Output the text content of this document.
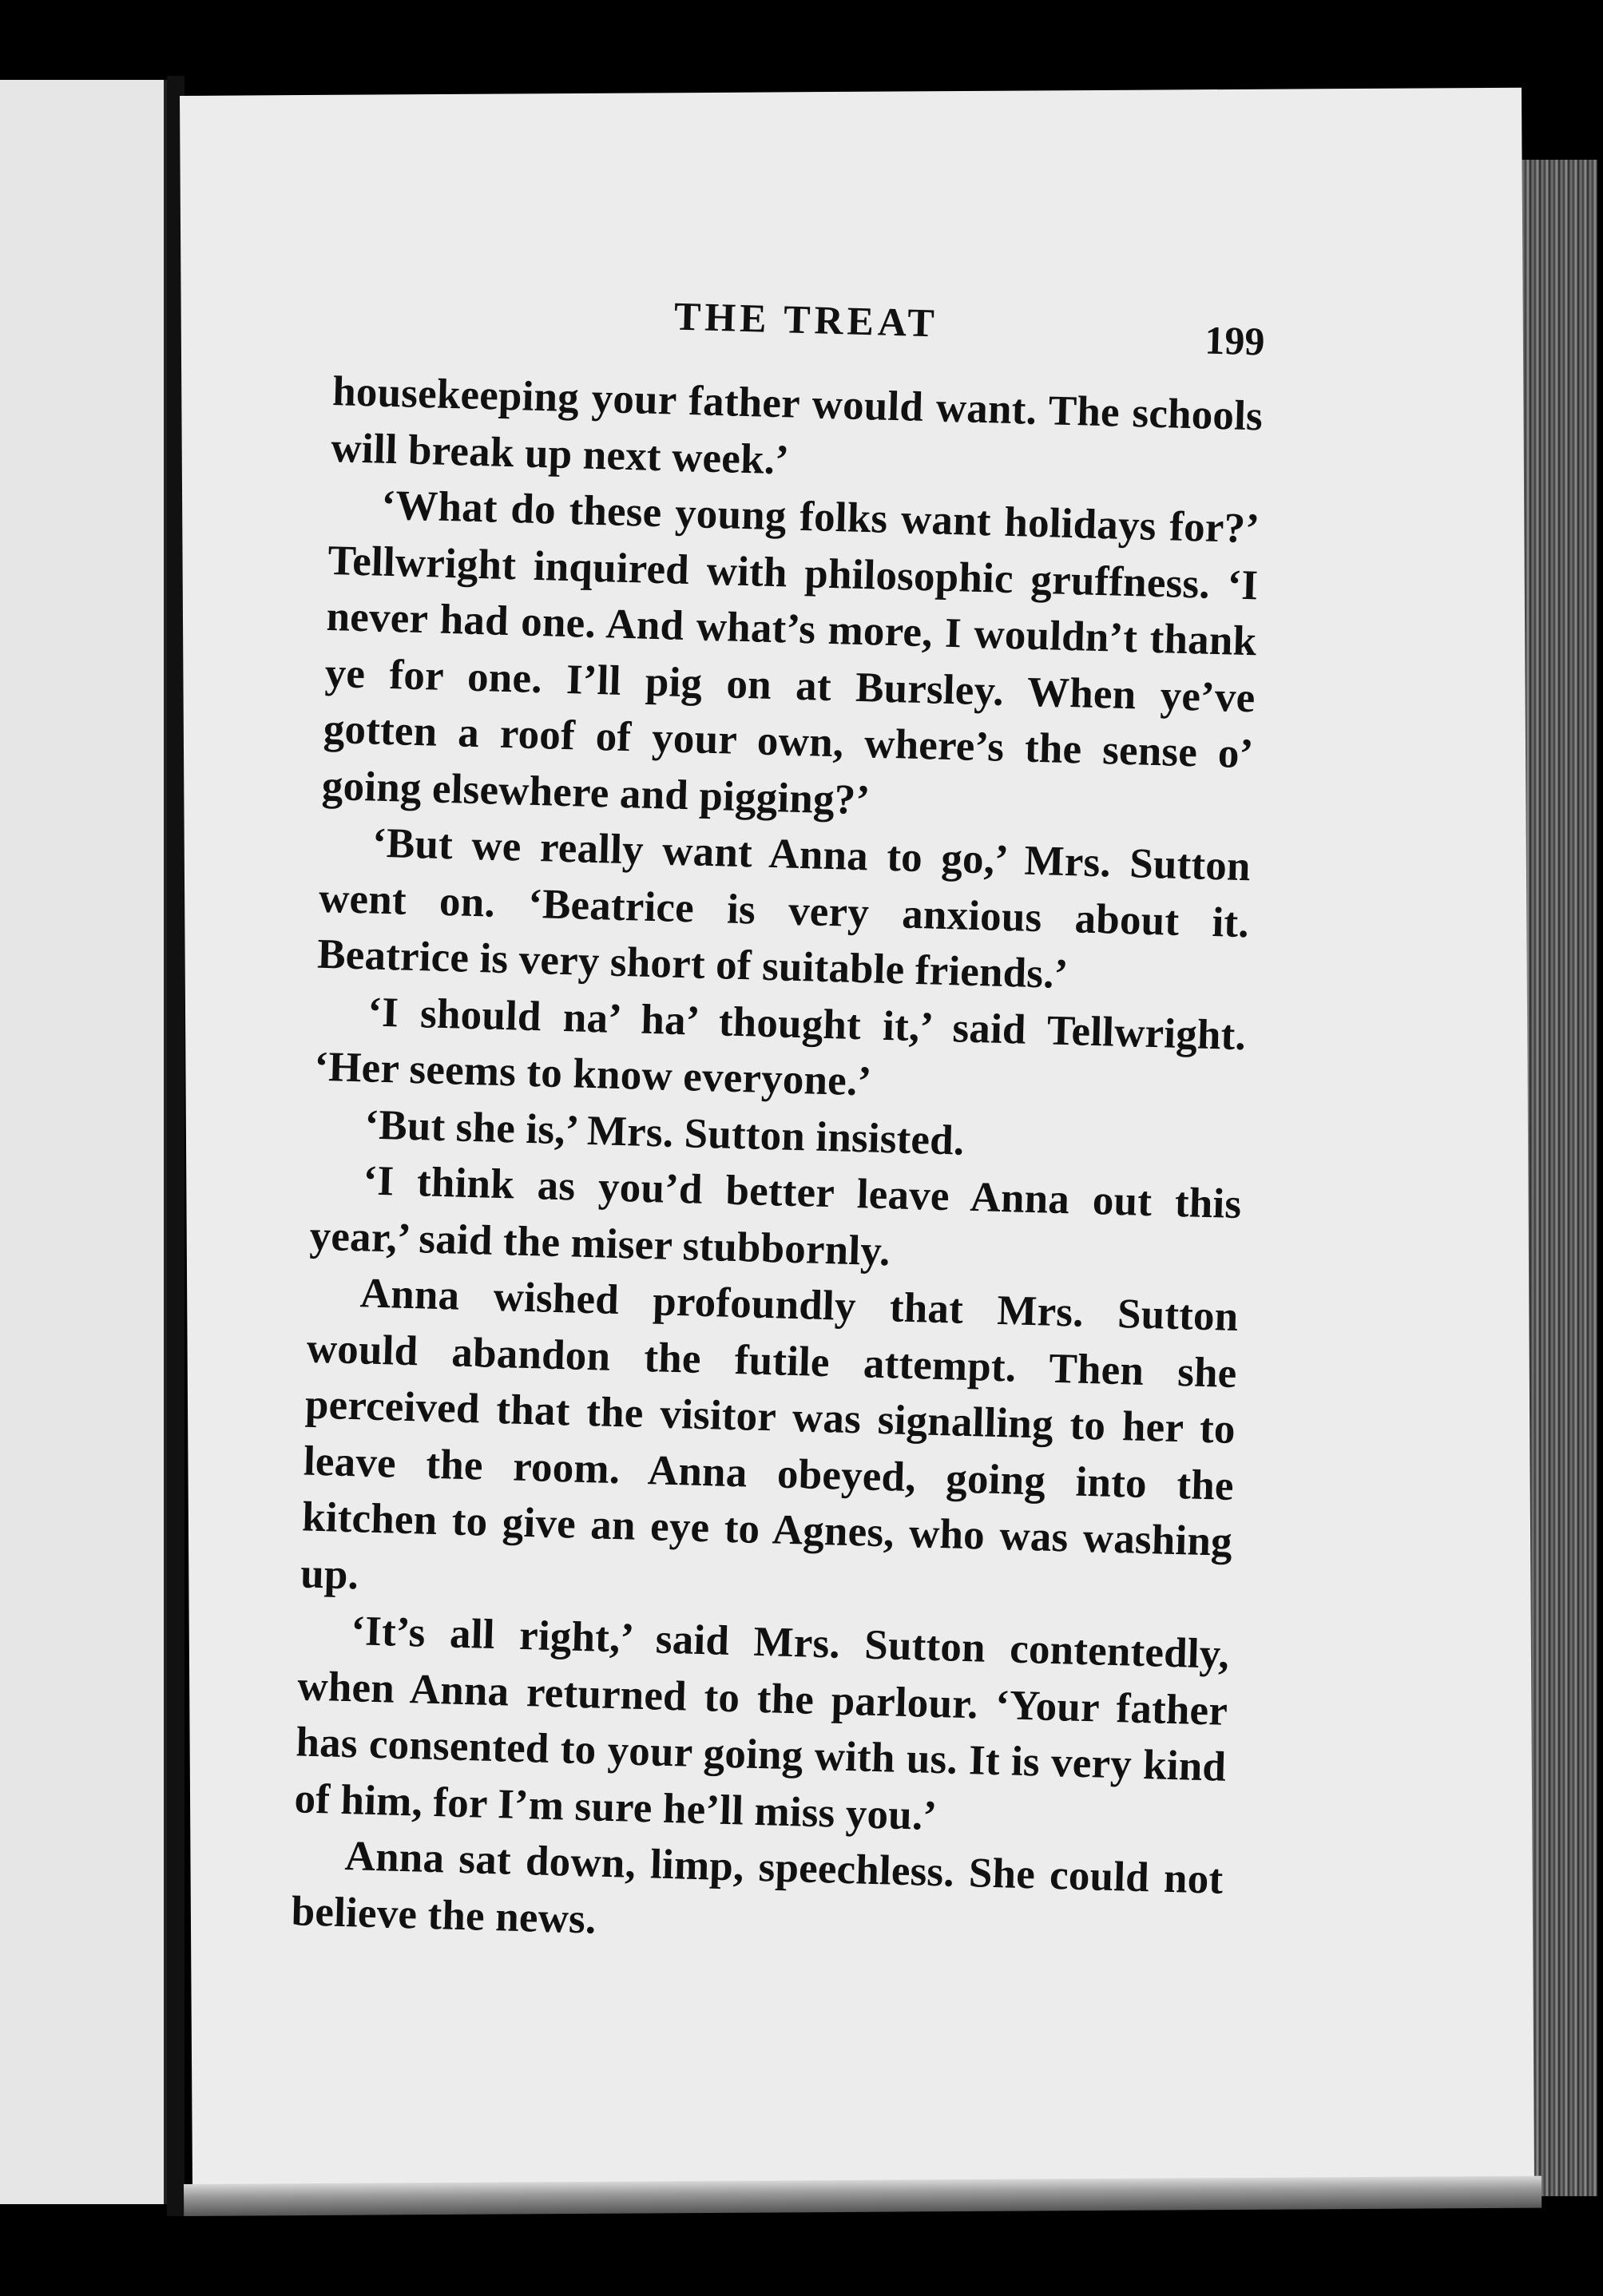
THE TREAT	199

housekeeping your father would want. The schools will break up next week.’

‘What do these young folks want holidays for?’ Tellwright inquired with philosophic gruffness. ‘I never had one. And what’s more, I wouldn’t thank ye for one. I’ll pig on at Bursley. When ye’ve gotten a roof of your own, where’s the sense o’ going elsewhere and pigging?’

‘But we really want Anna to go,’ Mrs. Sutton went on. ‘Beatrice is very anxious about it. Beatrice is very short of suitable friends.’

‘I should na’ ha’ thought it,’ said Tellwright. ‘Her seems to know everyone.’

‘But she is,’ Mrs. Sutton insisted.

‘I think as you’d better leave Anna out this year,’ said the miser stubbornly.

Anna wished profoundly that Mrs. Sutton would abandon the futile attempt. Then she perceived that the visitor was signalling to her to leave the room. Anna obeyed, going into the kitchen to give an eye to Agnes, who was washing up.

‘It’s all right,’ said Mrs. Sutton contentedly, when Anna returned to the parlour. ‘Your father has consented to your going with us. It is very kind of him, for I’m sure he’ll miss you.’

Anna sat down, limp, speechless. She could not believe the news.
